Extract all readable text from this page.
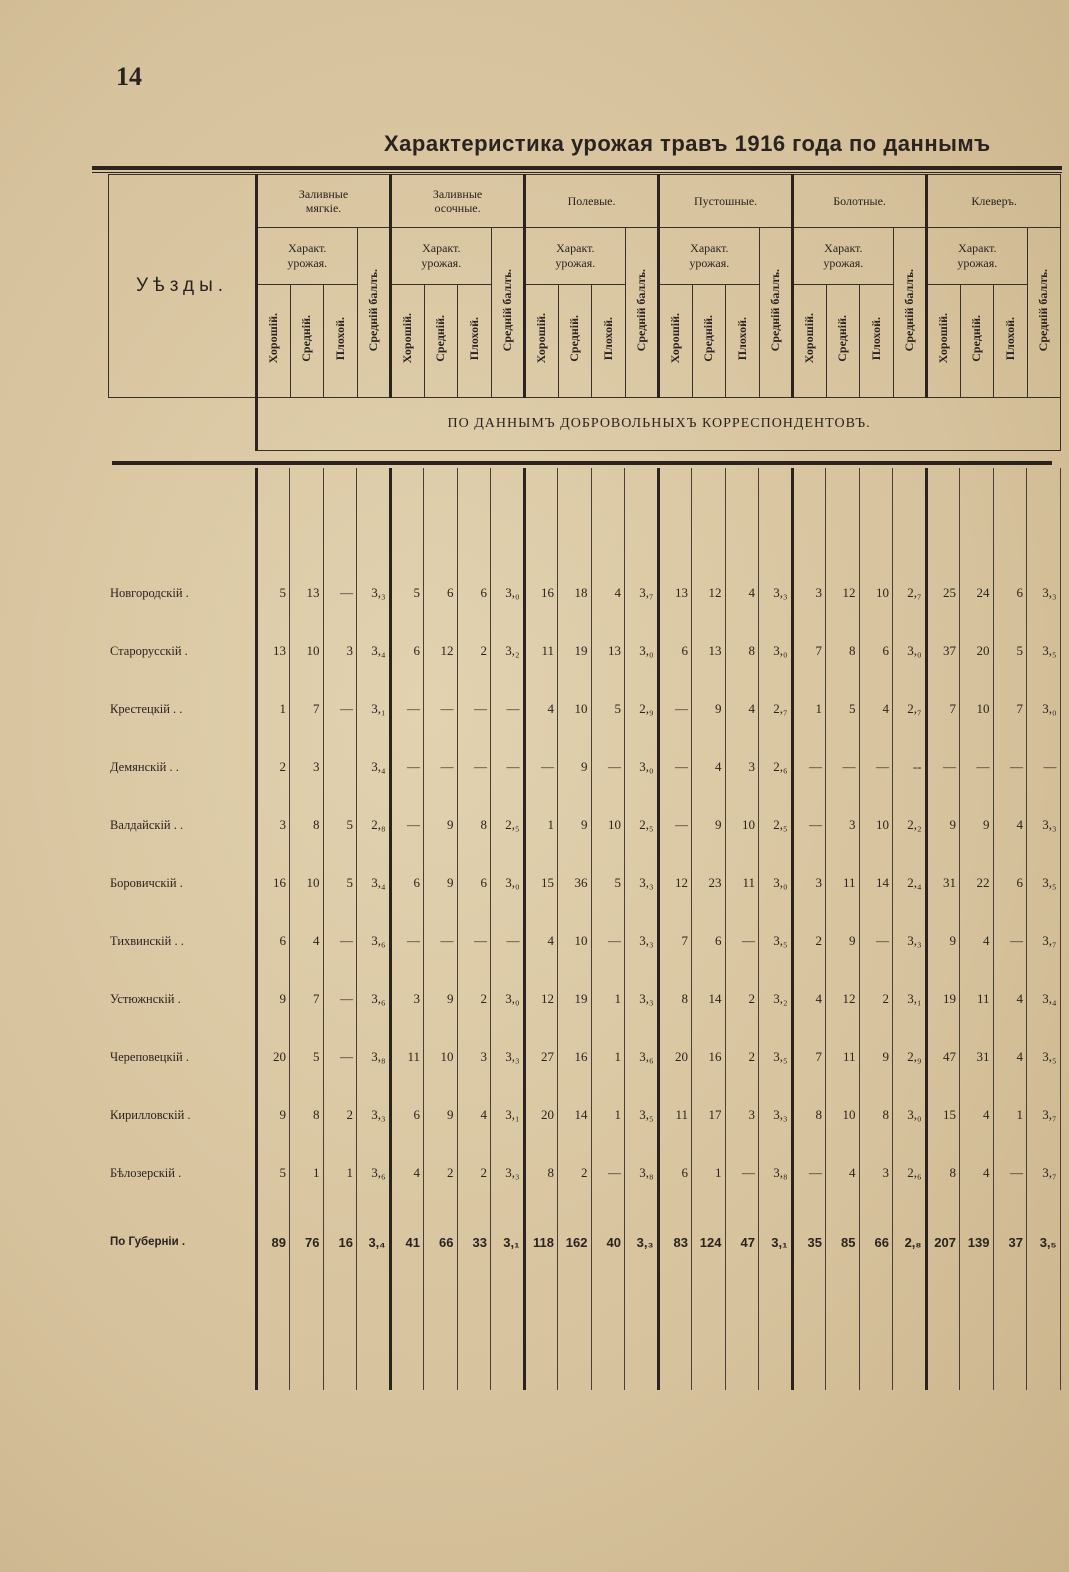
14
Характеристика урожая травъ 1916 года по даннымъ
Уѣзды.	Заливные
мягкіе.				Заливные
осочные.				Полевые.				Пустошные.				Болотные.				Клеверъ.			
	Характ.
урожая.			Средній баллъ.	Характ.
урожая.			Средній баллъ.	Характ.
урожая.			Средній баллъ.	Характ.
урожая.			Средній баллъ.	Характ.
урожая.			Средній баллъ.	Характ.
урожая.			Средній баллъ.
	Хорошій.	Средній.	Плохой.		Хорошій.	Средній.	Плохой.		Хорошій.	Средній.	Плохой.		Хорошій.	Средній.	Плохой.		Хорошій.	Средній.	Плохой.		Хорошій.	Средній.	Плохой.	
	ПО ДАННЫМЪ ДОБРОВОЛЬНЫХЪ КОРРЕСПОНДЕНТОВЪ.																							

Новгородскій .	5	13	—	3,₃	5	6	6	3,₀	16	18	4	3,₇	13	12	4	3,₃	3	12	10	2,₇	25	24	6	3,₃
Старорусскій .	13	10	3	3,₄	6	12	2	3,₂	11	19	13	3,₀	6	13	8	3,₀	7	8	6	3,₀	37	20	5	3,₅
Крестецкій . .	1	7	—	3,₁	—	—	—	—	4	10	5	2,₉	—	9	4	2,₇	1	5	4	2,₇	7	10	7	3,₀
Демянскій . .	2	3		3,₄	—	—	—	—	—	9	—	3,₀	—	4	3	2,₆	—	—	—	--	—	—	—	—
Валдайскій . .	3	8	5	2,₈	—	9	8	2,₅	1	9	10	2,₅	—	9	10	2,₅	—	3	10	2,₂	9	9	4	3,₃
Боровичскій .	16	10	5	3,₄	6	9	6	3,₀	15	36	5	3,₃	12	23	11	3,₀	3	11	14	2,₄	31	22	6	3,₅
Тихвинскій . .	6	4	—	3,₆	—	—	—	—	4	10	—	3,₃	7	6	—	3,₅	2	9	—	3,₃	9	4	—	3,₇
Устюжнскій .	9	7	—	3,₆	3	9	2	3,₀	12	19	1	3,₃	8	14	2	3,₂	4	12	2	3,₁	19	11	4	3,₄
Череповецкій .	20	5	—	3,₈	11	10	3	3,₃	27	16	1	3,₆	20	16	2	3,₅	7	11	9	2,₉	47	31	4	3,₅
Кирилловскій .	9	8	2	3,₃	6	9	4	3,₁	20	14	1	3,₅	11	17	3	3,₃	8	10	8	3,₀	15	4	1	3,₇
Бѣлозерскій .	5	1	1	3,₆	4	2	2	3,₃	8	2	—	3,₈	6	1	—	3,₈	—	4	3	2,₆	8	4	—	3,₇
По Губерніи .	89	76	16	3,₄	41	66	33	3,₁	118	162	40	3,₃	83	124	47	3,₁	35	85	66	2,₈	207	139	37	3,₅
